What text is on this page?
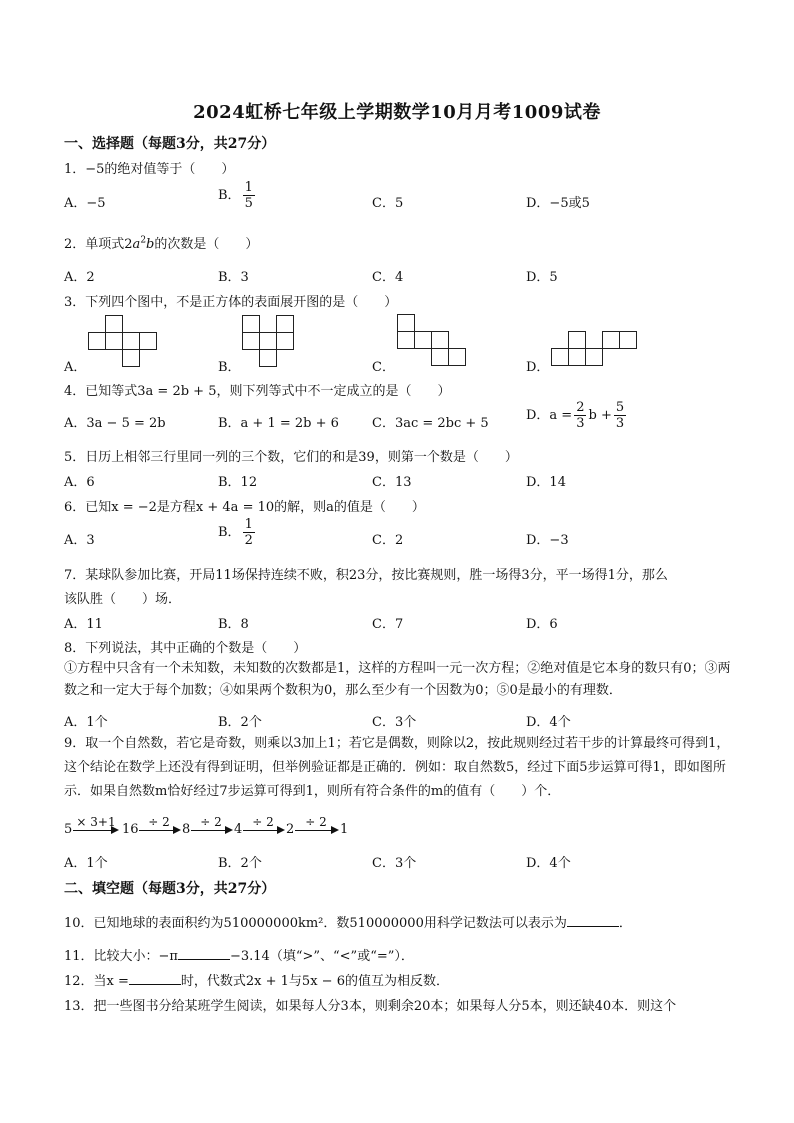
2024虹桥七年级上学期数学10月月考1009试卷
一、选择题（每题3分，共27分）
1．−5的绝对值等于（　　）
A．−5
B． $\frac{1}{5}$	C．5	D．−5或5
2．单项式$2a^2b$的次数是（　　）
A．2	B．3	C．4	D．5
3．下列四个图中，不是正方体的表面展开图的是（　　）
A．	B．	C．	D．
4．已知等式3a = 2b + 5，则下列等式中不一定成立的是（　　）
A．3a − 5 = 2b	B．a + 1 = 2b + 6	C．3ac = 2bc + 5
D．$a = \frac{2}{3}$ $b + \frac{5}{3}$
5．日历上相邻三行里同一列的三个数，它们的和是39，则第一个数是（　　）
A．6	B．12	C．13	D．14
6．已知x = −2是方程x + 4a = 10的解，则a的值是（　　）
A．3
B． $\frac{1}{2}$	C．2	D．−3
7．某球队参加比赛，开局11场保持连续不败，积23分，按比赛规则，胜一场得3分，平一场得1分，那么
该队胜（　　）场．
A．11	B．8	C．7	D．6
8．下列说法，其中正确的个数是（　　）
①方程中只含有一个未知数，未知数的次数都是1，这样的方程叫一元一次方程；②绝对值是它本身的数只有0；③两数之和一定大于每个加数；④如果两个数积为0，那么至少有一个因数为0；⑤0是最小的有理数．
A．1个	B．2个	C．3个	D．4个
9．取一个自然数，若它是奇数，则乘以3加上1；若它是偶数，则除以2，按此规则经过若干步的计算最终可得到1，这个结论在数学上还没有得到证明，但举例验证都是正确的．例如：取自然数5，经过下面5步运算可得1，即如图所示．如果自然数m恰好经过7步运算可得到1，则所有符合条件的m的值有（　　）个．
5 × 3+1 16 ÷ 2 8 ÷ 2 4 ÷ 2 2 ÷ 2	1
A．1个	B．2个	C．3个	D．4个
二、填空题（每题3分，共27分）
10．已知地球的表面积约为510000000km²．数510000000用科学记数法可以表示为	．
11．比较大小：−π	−3.14（填“>”、“<”或“=”）．
12．当x =	时，代数式2x + 1与5x − 6的值互为相反数．
13．把一些图书分给某班学生阅读，如果每人分3本，则剩余20本；如果每人分5本，则还缺40本．则这个
